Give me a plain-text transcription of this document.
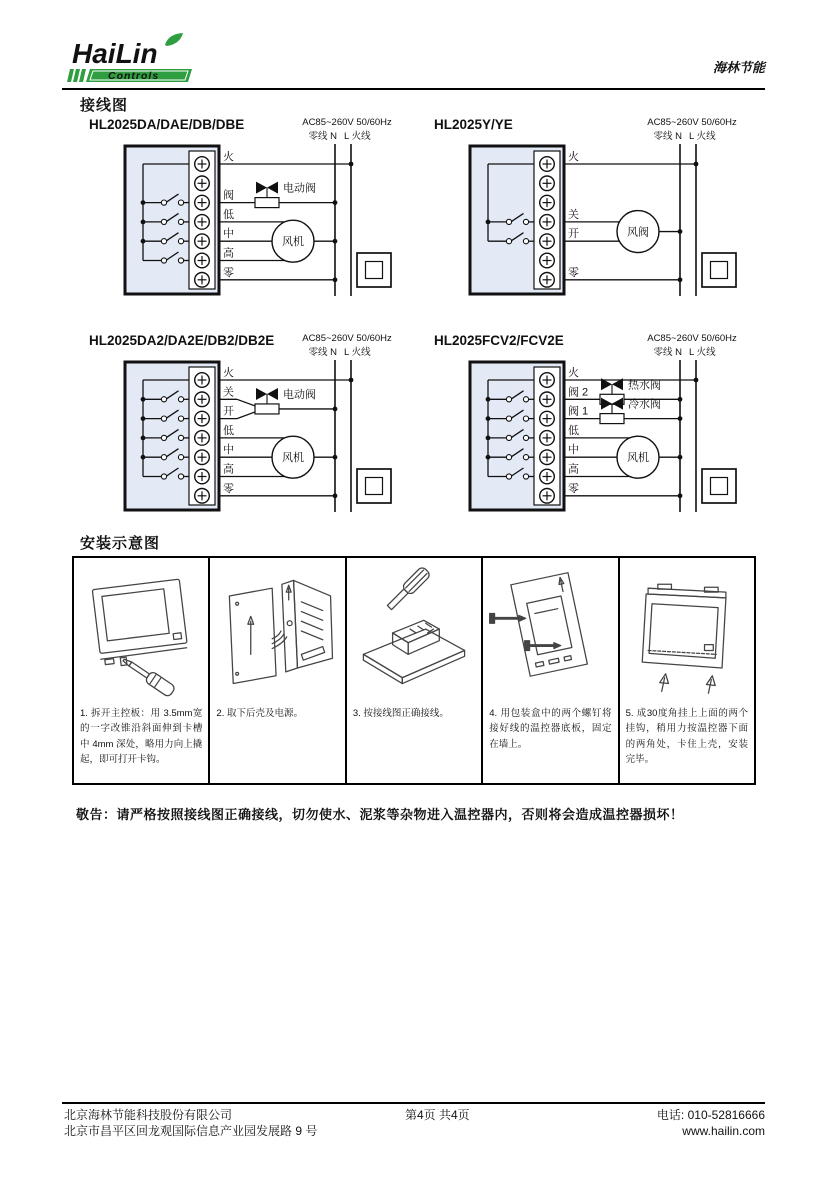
HaiLin
Controls
海林节能
接线图
HL2025DA/DAE/DB/DBE	AC85~260V 50/60Hz
零线 N L 火线
火
阀
低
中
高
零
电动阀
风机
HL2025Y/YE	AC85~260V 50/60Hz
零线 N L 火线
火
关
开
零
风阀
HL2025DA2/DA2E/DB2/DB2E	AC85~260V 50/60Hz
零线 N L 火线
火
关
开
低
中
高
零
电动阀
风机
HL2025FCV2/FCV2E	AC85~260V 50/60Hz
零线 N L 火线
火
阀 2
阀 1
低
中
高
零
热水阀
冷水阀
风机
安装示意图
1. 拆开主控板：用 3.5mm宽的一字改锥沿斜面伸到卡槽中 4mm 深处，略用力向上撬起，即可打开卡钩。
2. 取下后壳及电源。	3. 按接线图正确接线。	4. 用包装盒中的两个螺钉将接好线的温控器底板，固定在墙上。
5. 成30度角挂上上面的两个挂钩，稍用力按温控器下面的两角处，卡住上壳，安装完毕。
敬告：请严格按照接线图正确接线，切勿使水、泥浆等杂物进入温控器内，否则将会造成温控器损坏！
北京海林节能科技股份有限公司
北京市昌平区回龙观国际信息产业园发展路 9 号
第4页 共4页	电话: 010-52816666
www.hailin.com
